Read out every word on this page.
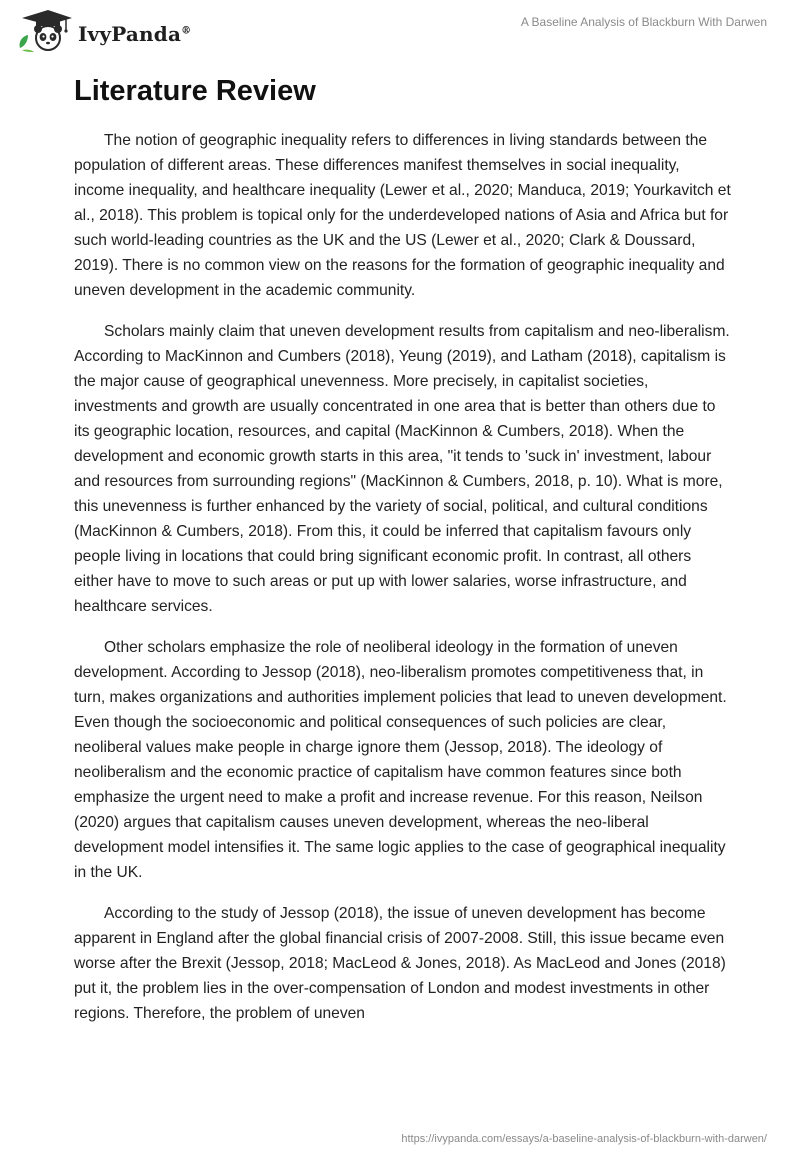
IvyPanda®
A Baseline Analysis of Blackburn With Darwen
Literature Review

The notion of geographic inequality refers to differences in living standards between the population of different areas. These differences manifest themselves in social inequality, income inequality, and healthcare inequality (Lewer et al., 2020; Manduca, 2019; Yourkavitch et al., 2018). This problem is topical only for the underdeveloped nations of Asia and Africa but for such world-leading countries as the UK and the US (Lewer et al., 2020; Clark & Doussard, 2019). There is no common view on the reasons for the formation of geographic inequality and uneven development in the academic community.

Scholars mainly claim that uneven development results from capitalism and neo-liberalism. According to MacKinnon and Cumbers (2018), Yeung (2019), and Latham (2018), capitalism is the major cause of geographical unevenness. More precisely, in capitalist societies, investments and growth are usually concentrated in one area that is better than others due to its geographic location, resources, and capital (MacKinnon & Cumbers, 2018). When the development and economic growth starts in this area, "it tends to 'suck in' investment, labour and resources from surrounding regions" (MacKinnon & Cumbers, 2018, p. 10). What is more, this unevenness is further enhanced by the variety of social, political, and cultural conditions (MacKinnon & Cumbers, 2018). From this, it could be inferred that capitalism favours only people living in locations that could bring significant economic profit. In contrast, all others either have to move to such areas or put up with lower salaries, worse infrastructure, and healthcare services.

Other scholars emphasize the role of neoliberal ideology in the formation of uneven development. According to Jessop (2018), neo-liberalism promotes competitiveness that, in turn, makes organizations and authorities implement policies that lead to uneven development. Even though the socioeconomic and political consequences of such policies are clear, neoliberal values make people in charge ignore them (Jessop, 2018). The ideology of neoliberalism and the economic practice of capitalism have common features since both emphasize the urgent need to make a profit and increase revenue. For this reason, Neilson (2020) argues that capitalism causes uneven development, whereas the neo-liberal development model intensifies it. The same logic applies to the case of geographical inequality in the UK.

According to the study of Jessop (2018), the issue of uneven development has become apparent in England after the global financial crisis of 2007-2008. Still, this issue became even worse after the Brexit (Jessop, 2018; MacLeod & Jones, 2018). As MacLeod and Jones (2018) put it, the problem lies in the over-compensation of London and modest investments in other regions. Therefore, the problem of uneven

https://ivypanda.com/essays/a-baseline-analysis-of-blackburn-with-darwen/
